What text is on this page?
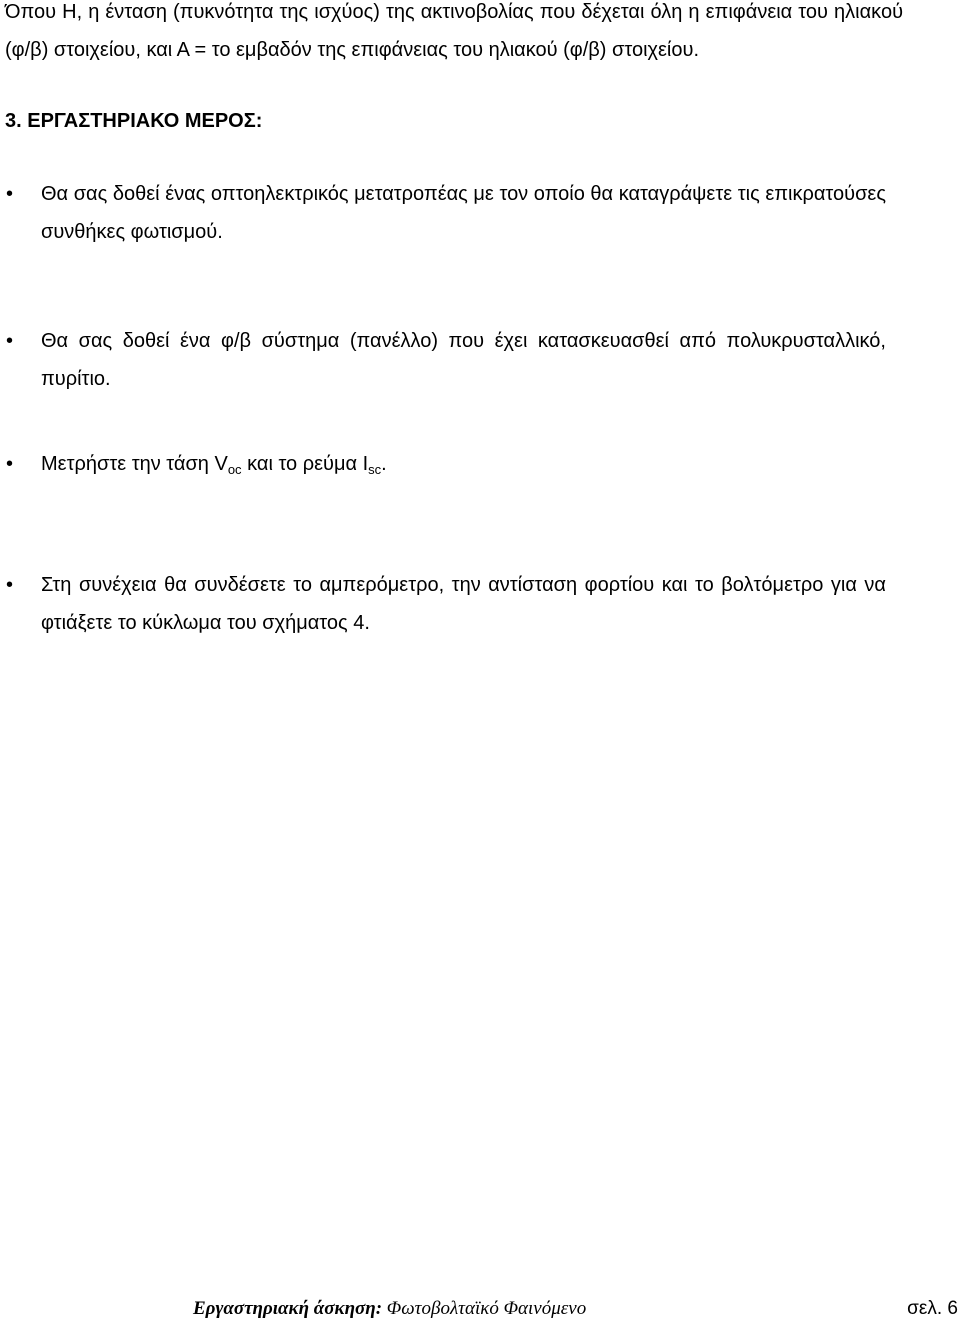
Όπου Η, η ένταση (πυκνότητα της ισχύος) της ακτινοβολίας που δέχεται όλη η επιφάνεια του ηλιακού (φ/β) στοιχείου, και Α = το εμβαδόν της επιφάνειας του ηλιακού (φ/β) στοιχείου.
3. ΕΡΓΑΣΤΗΡΙΑΚΟ ΜΕΡΟΣ:
• Θα σας δοθεί ένας οπτοηλεκτρικός μετατροπέας με τον οποίο θα καταγράψετε τις επικρατούσες συνθήκες φωτισμού.
• Θα σας δοθεί ένα φ/β σύστημα (πανέλλο) που έχει κατασκευασθεί από πολυκρυσταλλικό, πυρίτιο.
• Μετρήστε την τάση $V_{oc}$ και το ρεύμα $I_{sc}$.
• Στη συνέχεια θα συνδέσετε το αμπερόμετρο, την αντίσταση φορτίου και το βολτόμετρο για να φτιάξετε το κύκλωμα του σχήματος 4.
Εργαστηριακή άσκηση: Φωτοβολταϊκό Φαινόμενο	σελ. 6
